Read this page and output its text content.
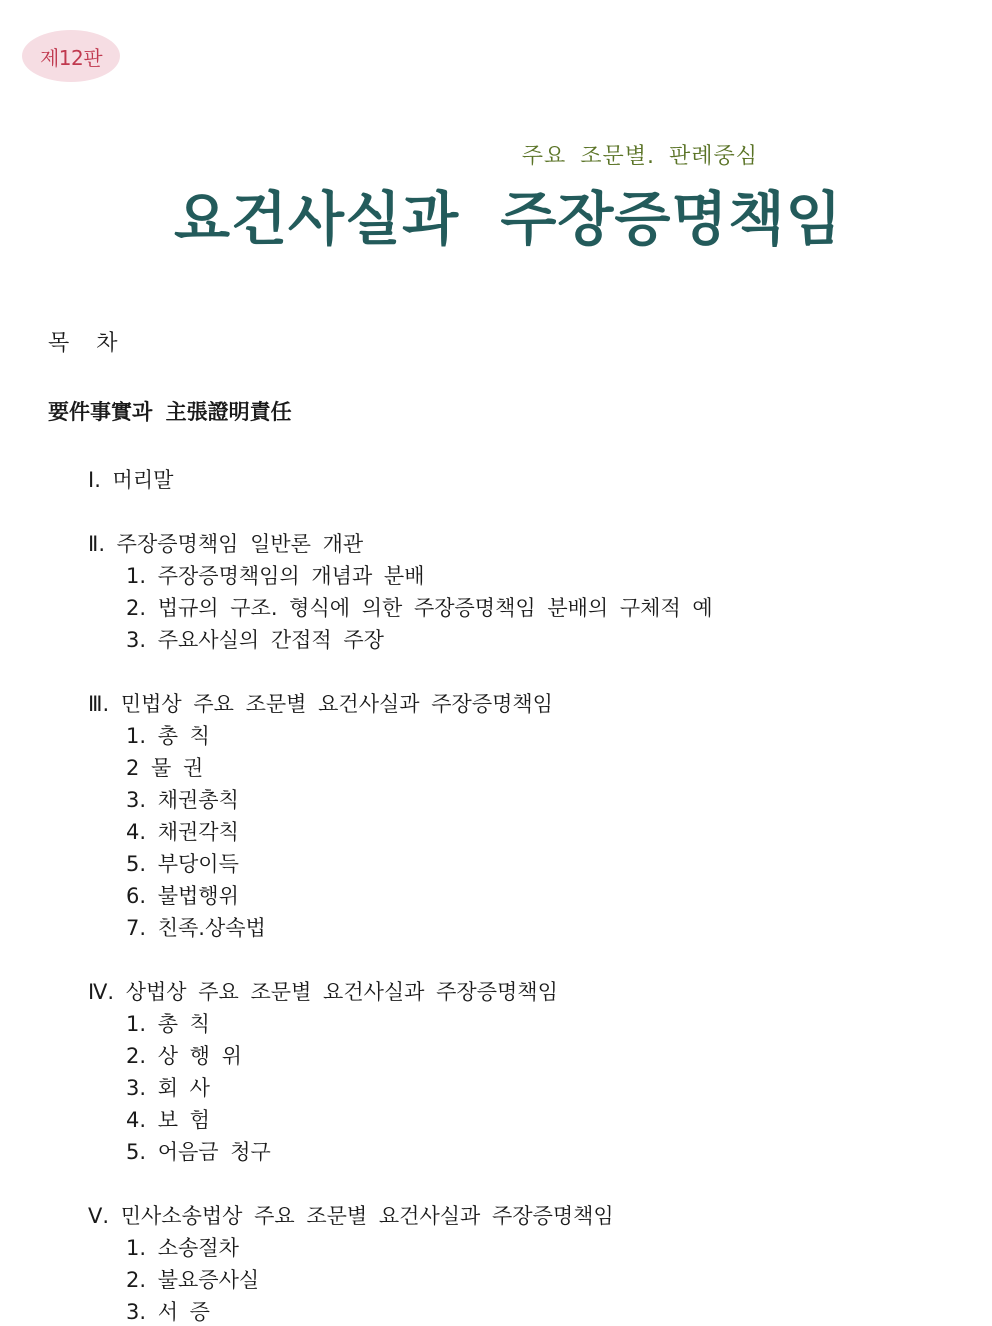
제12판
주요 조문별. 판례중심
요건사실과 주장증명책임
목 차
要件事實과 主張證明責任
Ⅰ. 머리말
Ⅱ. 주장증명책임 일반론 개관
1. 주장증명책임의 개념과 분배
2. 법규의 구조. 형식에 의한 주장증명책임 분배의 구체적 예
3. 주요사실의 간접적 주장
Ⅲ. 민법상 주요 조문별 요건사실과 주장증명책임
1. 총 칙
2 물 권
3. 채권총칙
4. 채권각칙
5. 부당이득
6. 불법행위
7. 친족.상속법
Ⅳ. 상법상 주요 조문별 요건사실과 주장증명책임
1. 총 칙
2. 상 행 위
3. 회 사
4. 보 험
5. 어음금 청구
Ⅴ. 민사소송법상 주요 조문별 요건사실과 주장증명책임
1. 소송절차
2. 불요증사실
3. 서 증
